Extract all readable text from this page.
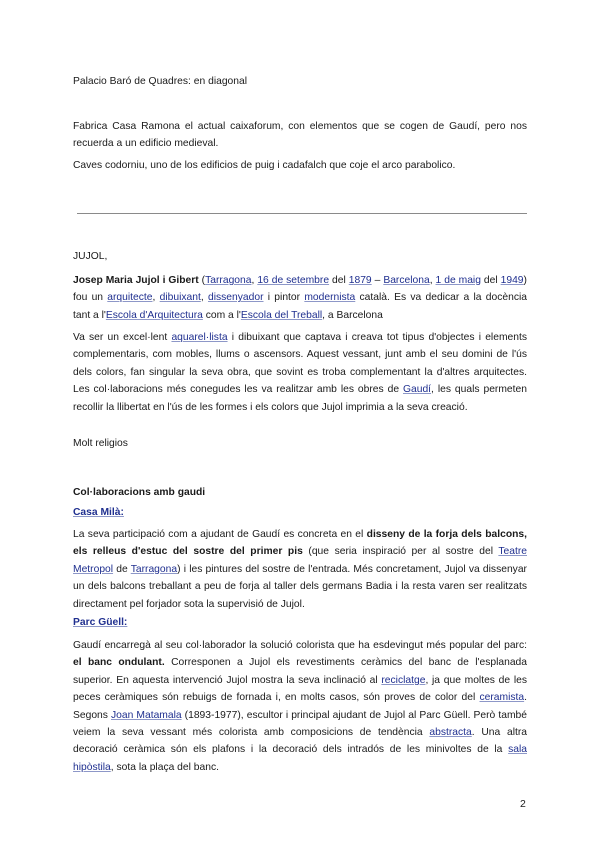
Palacio Baró de Quadres: en diagonal

Fabrica Casa Ramona el actual caixaforum, con elementos que se cogen de Gaudí, pero nos recuerda a un edificio medieval.

Caves codorniu, uno de los edificios de puig i cadafalch que coje el arco parabolico.

JUJOL,

Josep Maria Jujol i Gibert (Tarragona, 16 de setembre del 1879 – Barcelona, 1 de maig del 1949) fou un arquitecte, dibuixant, dissenyador i pintor modernista català. Es va dedicar a la docència tant a l'Escola d'Arquitectura com a l'Escola del Treball, a Barcelona

Va ser un excel·lent aquarel·lista i dibuixant que captava i creava tot tipus d'objectes i elements complementaris, com mobles, llums o ascensors. Aquest vessant, junt amb el seu domini de l'ús dels colors, fan singular la seva obra, que sovint es troba complementant la d'altres arquitectes. Les col·laboracions més conegudes les va realitzar amb les obres de Gaudí, les quals permeten recollir la llibertat en l'ús de les formes i els colors que Jujol imprimia a la seva creació.

Molt religios

Col·laboracions amb gaudi

Casa Milà:

La seva participació com a ajudant de Gaudí es concreta en el disseny de la forja dels balcons, els relleus d'estuc del sostre del primer pis (que seria inspiració per al sostre del Teatre Metropol de Tarragona) i les pintures del sostre de l'entrada. Més concretament, Jujol va dissenyar un dels balcons treballant a peu de forja al taller dels germans Badia i la resta varen ser realitzats directament pel forjador sota la supervisió de Jujol.

Parc Güell:

Gaudí encarregà al seu col·laborador la solució colorista que ha esdevingut més popular del parc: el banc ondulant. Corresponen a Jujol els revestiments ceràmics del banc de l'esplanada superior. En aquesta intervenció Jujol mostra la seva inclinació al reciclatge, ja que moltes de les peces ceràmiques són rebuigs de fornada i, en molts casos, són proves de color del ceramista. Segons Joan Matamala (1893-1977), escultor i principal ajudant de Jujol al Parc Güell. Però també veiem la seva vessant més colorista amb composicions de tendència abstracta. Una altra decoració ceràmica són els plafons i la decoració dels intradós de les minivoltes de la sala hipòstila, sota la plaça del banc.

2
